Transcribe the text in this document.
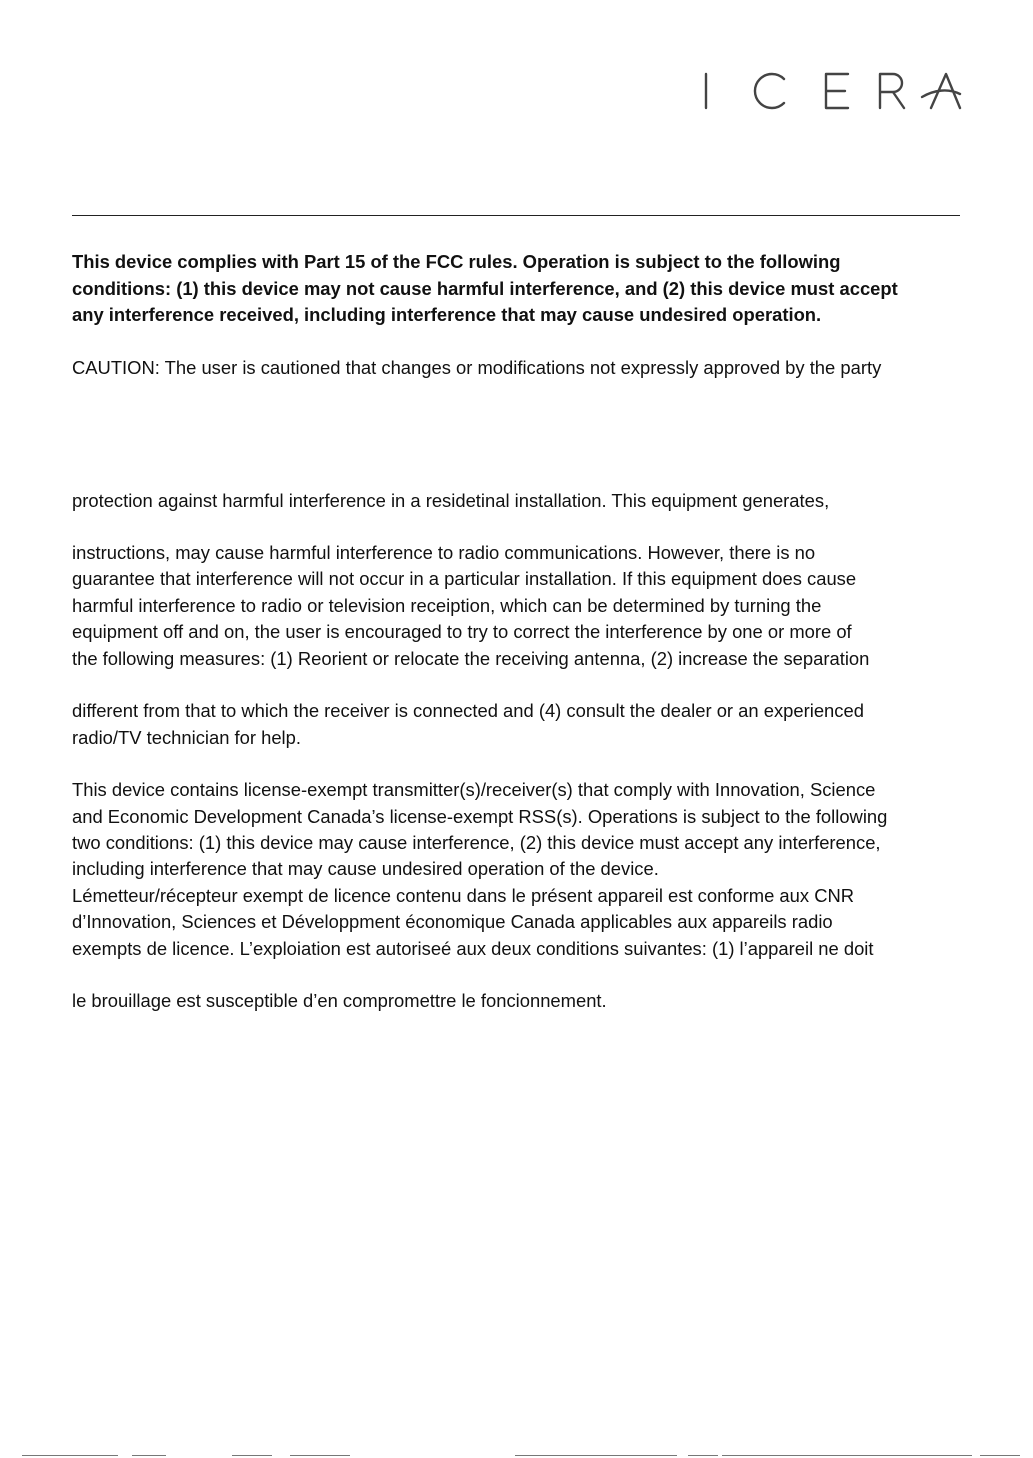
This device complies with Part 15 of the FCC rules. Operation is subject to the following
conditions: (1) this device may not cause harmful interference, and (2) this device must accept
any interference received, including interference that may cause undesired operation.
CAUTION: The user is cautioned that changes or modifications not expressly approved by the party
protection against harmful interference in a residetinal installation. This equipment generates,
instructions, may cause harmful interference to radio communications. However, there is no
guarantee that interference will not occur in a particular installation. If this equipment does cause
harmful interference to radio or television receiption, which can be determined by turning the
equipment off and on, the user is encouraged to try to correct the interference by one or more of
the following measures: (1) Reorient or relocate the receiving antenna, (2) increase the separation
different from that to which the receiver is connected and (4) consult the dealer or an experienced
radio/TV technician for help.
This device contains license-exempt transmitter(s)/receiver(s) that comply with Innovation, Science
and Economic Development Canada’s license-exempt RSS(s). Operations is subject to the following
two conditions: (1) this device may cause interference, (2) this device must accept any interference,
including interference that may cause undesired operation of the device.
Lémetteur/récepteur exempt de licence contenu dans le présent appareil est conforme aux CNR
d’Innovation, Sciences et Développment économique Canada applicables aux appareils radio
exempts de licence. L’exploiation est autoriseé aux deux conditions suivantes: (1) l’appareil ne doit
le brouillage est susceptible d’en compromettre le foncionnement.
